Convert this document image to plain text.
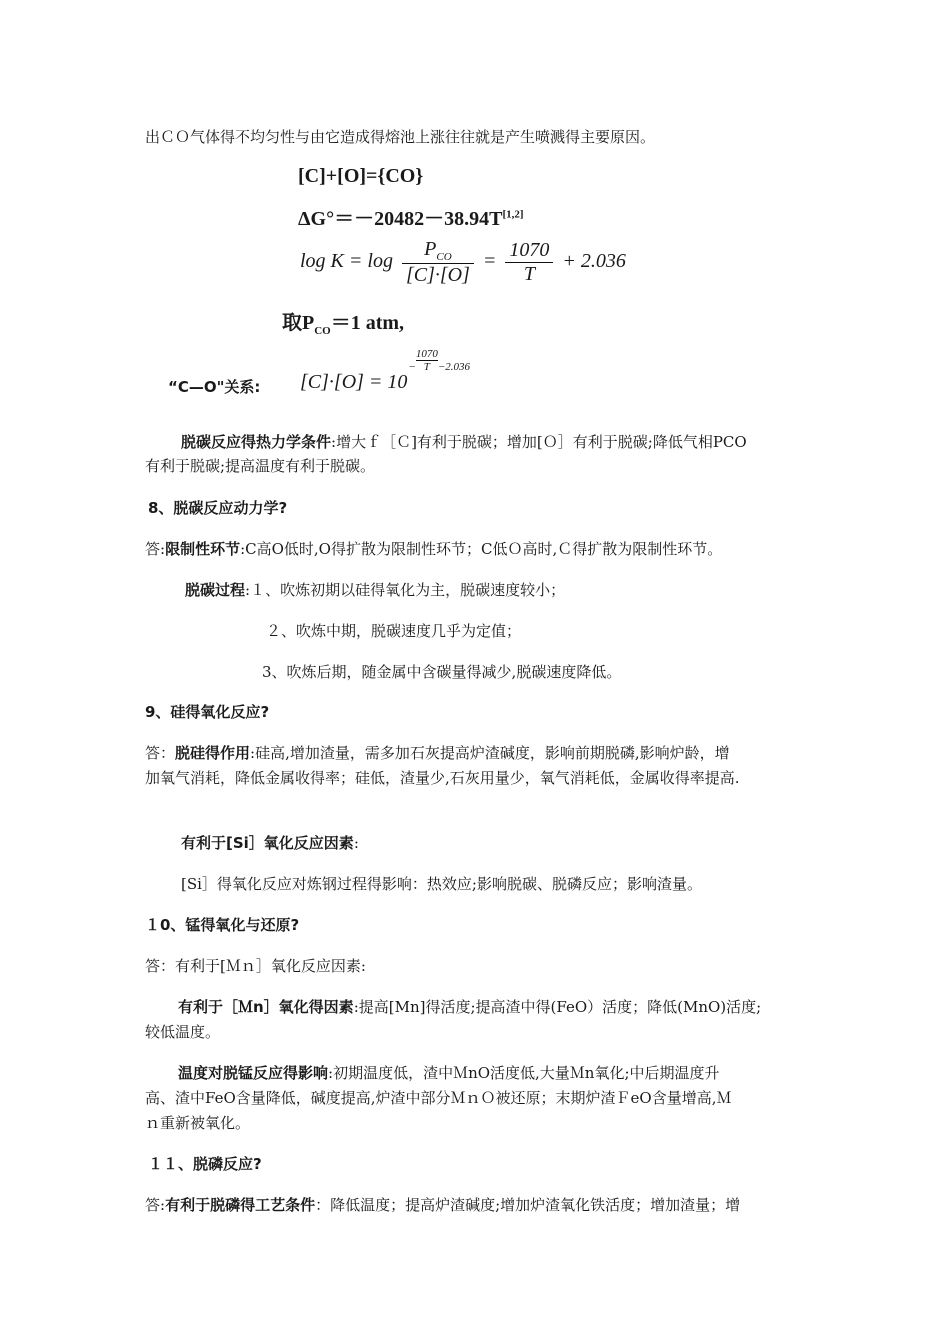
出ＣＯ气体得不均匀性与由它造成得熔池上涨往往就是产生喷溅得主要原因。
[C]+[O]={CO}
ΔG°＝－20482－38.94T[1,2]
$\log K = \log \frac{P_{CO}}{[C]\cdot[O]} = \frac{1070}{T} + 2.036$
取$P_{CO}=1$ atm,
$[C]\cdot[O] = 10- \frac{1070}{T}-2.036$
“C—O"关系:
脱碳反应得热力学条件:增大ｆ［Ｃ]有利于脱碳；增加[Ｏ］有利于脱碳;降低气相PCO
有利于脱碳;提高温度有利于脱碳。
8、脱碳反应动力学?
答:限制性环节:C高O低时,O得扩散为限制性环节；C低Ｏ高时,Ｃ得扩散为限制性环节。
脱碳过程:１、吹炼初期以硅得氧化为主，脱碳速度较小；
２、吹炼中期，脱碳速度几乎为定值；
3、吹炼后期，随金属中含碳量得减少,脱碳速度降低。
9、硅得氧化反应?
答：脱硅得作用:硅高,增加渣量，需多加石灰提高炉渣碱度，影响前期脱磷,影响炉龄，增
加氧气消耗，降低金属收得率；硅低，渣量少,石灰用量少，氧气消耗低，金属收得率提高.
有利于[Si］氧化反应因素:
[Si］得氧化反应对炼钢过程得影响：热效应;影响脱碳、脱磷反应；影响渣量。
１0、锰得氧化与还原?
答：有利于[Ｍｎ］氧化反应因素:
有利于［Ｍn］氧化得因素:提高[Mn]得活度;提高渣中得(FeO）活度；降低(MnO)活度;
较低温度。
温度对脱锰反应得影响:初期温度低，渣中ＭnO活度低,大量Ｍn氧化;中后期温度升
高、渣中FeO含量降低，碱度提高,炉渣中部分ＭｎＯ被还原；末期炉渣ＦeO含量增高,Ｍ
ｎ重新被氧化。
１１、脱磷反应?
答:有利于脱磷得工艺条件：降低温度；提高炉渣碱度;增加炉渣氧化铁活度；增加渣量；增
